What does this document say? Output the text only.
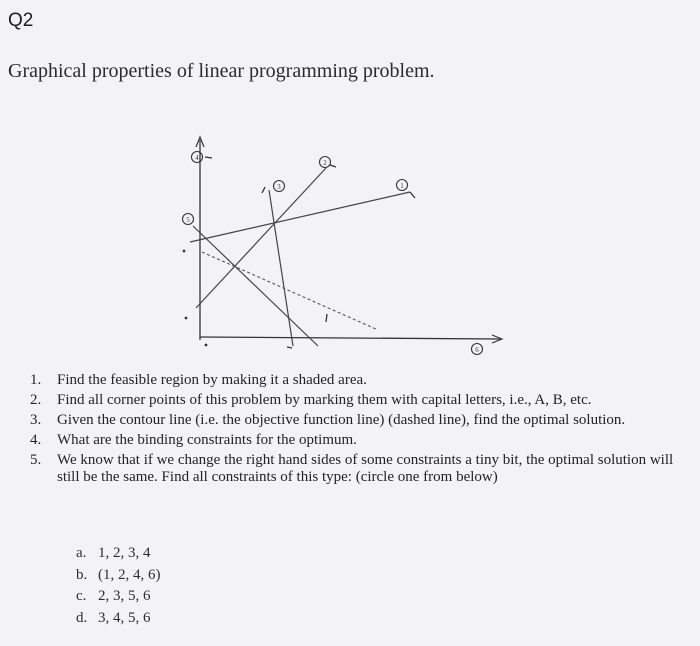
Q2
Graphical properties of linear programming problem.
1
2
3
4
5
6
1. Find the feasible region by making it a shaded area.
2. Find all corner points of this problem by marking them with capital letters, i.e., A, B, etc.
3. Given the contour line (i.e. the objective function line) (dashed line), find the optimal solution.
4. What are the binding constraints for the optimum.
5. We know that if we change the right hand sides of some constraints a tiny bit, the optimal solution will still be the same. Find all constraints of this type: (circle one from below)
a. 1, 2, 3, 4
b. (1, 2, 4, 6)
c. 2, 3, 5, 6
d. 3, 4, 5, 6
